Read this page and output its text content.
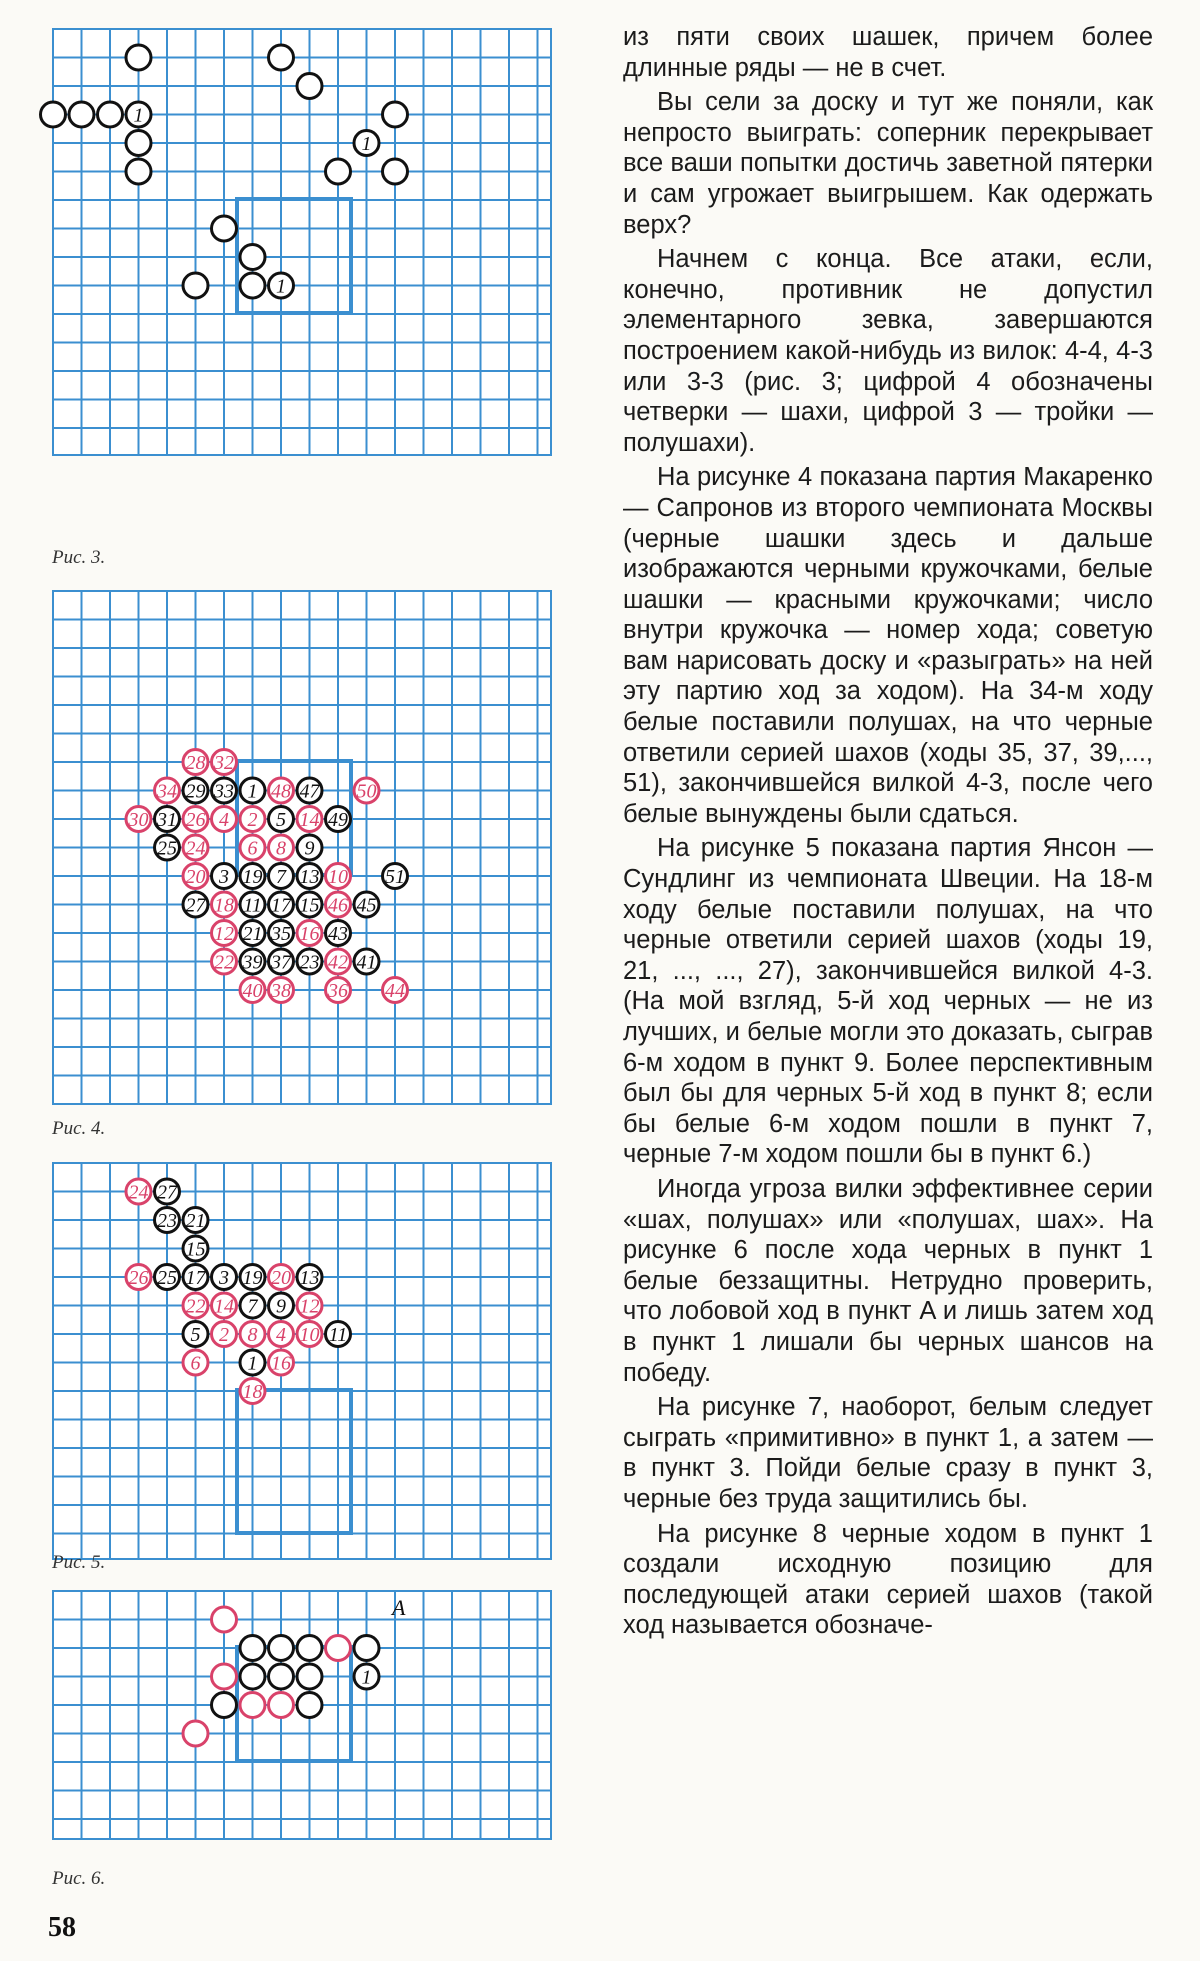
1
1
1
Рис. 3.
28 32
34 29 33 1 48 47 50
30 31 26 4 2 5 14 49
25 24 6 8 9
20 3 19 7 13 10 51
27 18 11 17 15 46 45
12 21 35 16 43
22 39 37 23 42 41
40 38 36 44
Рис. 4.
24 27
23 21
15
26 25 17 3 19 20 13
22 14 7 9 12
5 2 8 4 10 11
6 1 16
18
Рис. 5.
A
1
Рис. 6.
58

из пяти своих шашек, причем более длинные ряды — не в счет.

Вы сели за доску и тут же поняли, как непросто выиграть: соперник перекрывает все ваши попытки достичь заветной пятерки и сам угрожает выигрышем. Как одержать верх?

Начнем с конца. Все атаки, если, конечно, противник не допустил элементарного зевка, завершаются построением какой-нибудь из вилок: 4-4, 4-3 или 3-3 (рис. 3; цифрой 4 обозначены четверки — шахи, цифрой 3 — тройки — полушахи).

На рисунке 4 показана партия Макаренко — Сапронов из второго чемпионата Москвы (черные шашки здесь и дальше изображаются черными кружочками, белые шашки — красными кружочками; число внутри кружочка — номер хода; советую вам нарисовать доску и «разыграть» на ней эту партию ход за ходом). На 34-м ходу белые поставили полушах, на что черные ответили серией шахов (ходы 35, 37, 39,..., 51), закончившейся вилкой 4-3, после чего белые вынуждены были сдаться.

На рисунке 5 показана партия Янсон — Сундлинг из чемпионата Швеции. На 18-м ходу белые поставили полушах, на что черные ответили серией шахов (ходы 19, 21, ..., ..., 27), закончившейся вилкой 4-3. (На мой взгляд, 5-й ход черных — не из лучших, и белые могли это доказать, сыграв 6-м ходом в пункт 9. Более перспективным был бы для черных 5-й ход в пункт 8; если бы белые 6-м ходом пошли в пункт 7, черные 7-м ходом пошли бы в пункт 6.)

Иногда угроза вилки эффективнее серии «шах, полушах» или «полушах, шах». На рисунке 6 после хода черных в пункт 1 белые беззащитны. Нетрудно проверить, что лобовой ход в пункт A и лишь затем ход в пункт 1 лишали бы черных шансов на победу.

На рисунке 7, наоборот, белым следует сыграть «примитивно» в пункт 1, а затем — в пункт 3. Пойди белые сразу в пункт 3, черные без труда защитились бы.

На рисунке 8 черные ходом в пункт 1 создали исходную позицию для последующей атаки серией шахов (такой ход называется обозначе-
